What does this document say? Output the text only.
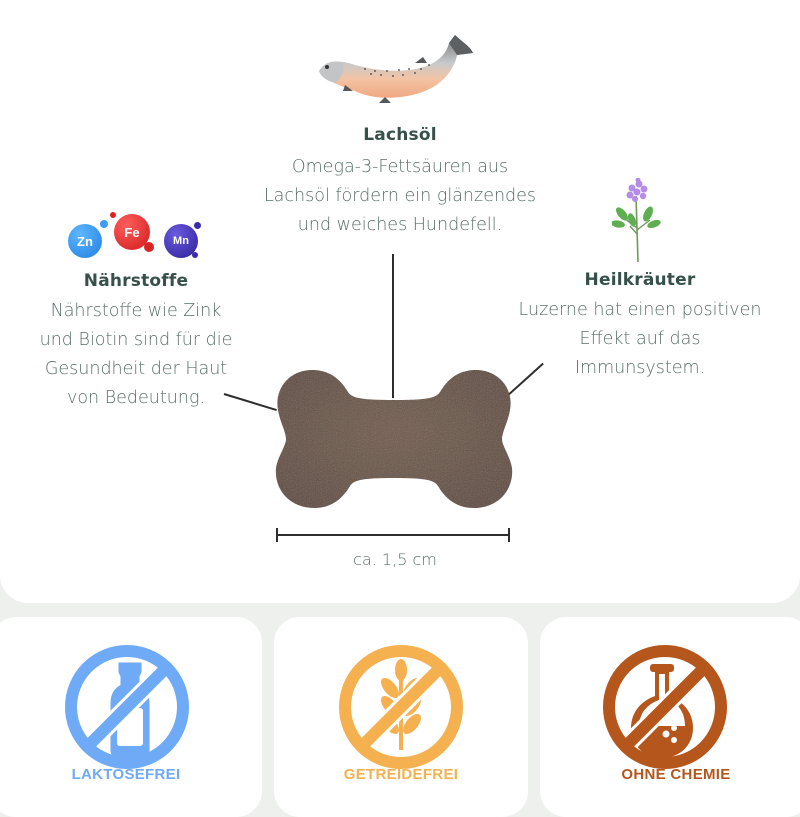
Lachsöl
Omega-3-Fettsäuren aus
Lachsöl fördern ein glänzendes
und weiches Hundefell.
Zn
Fe
Mn
Nährstoffe
Nährstoffe wie Zink
und Biotin sind für die
Gesundheit der Haut
von Bedeutung.
Heilkräuter
Luzerne hat einen positiven
Effekt auf das
Immunsystem.
ca. 1,5 cm
LAKTOSEFREI	GETREIDEFREI	OHNE CHEMIE
